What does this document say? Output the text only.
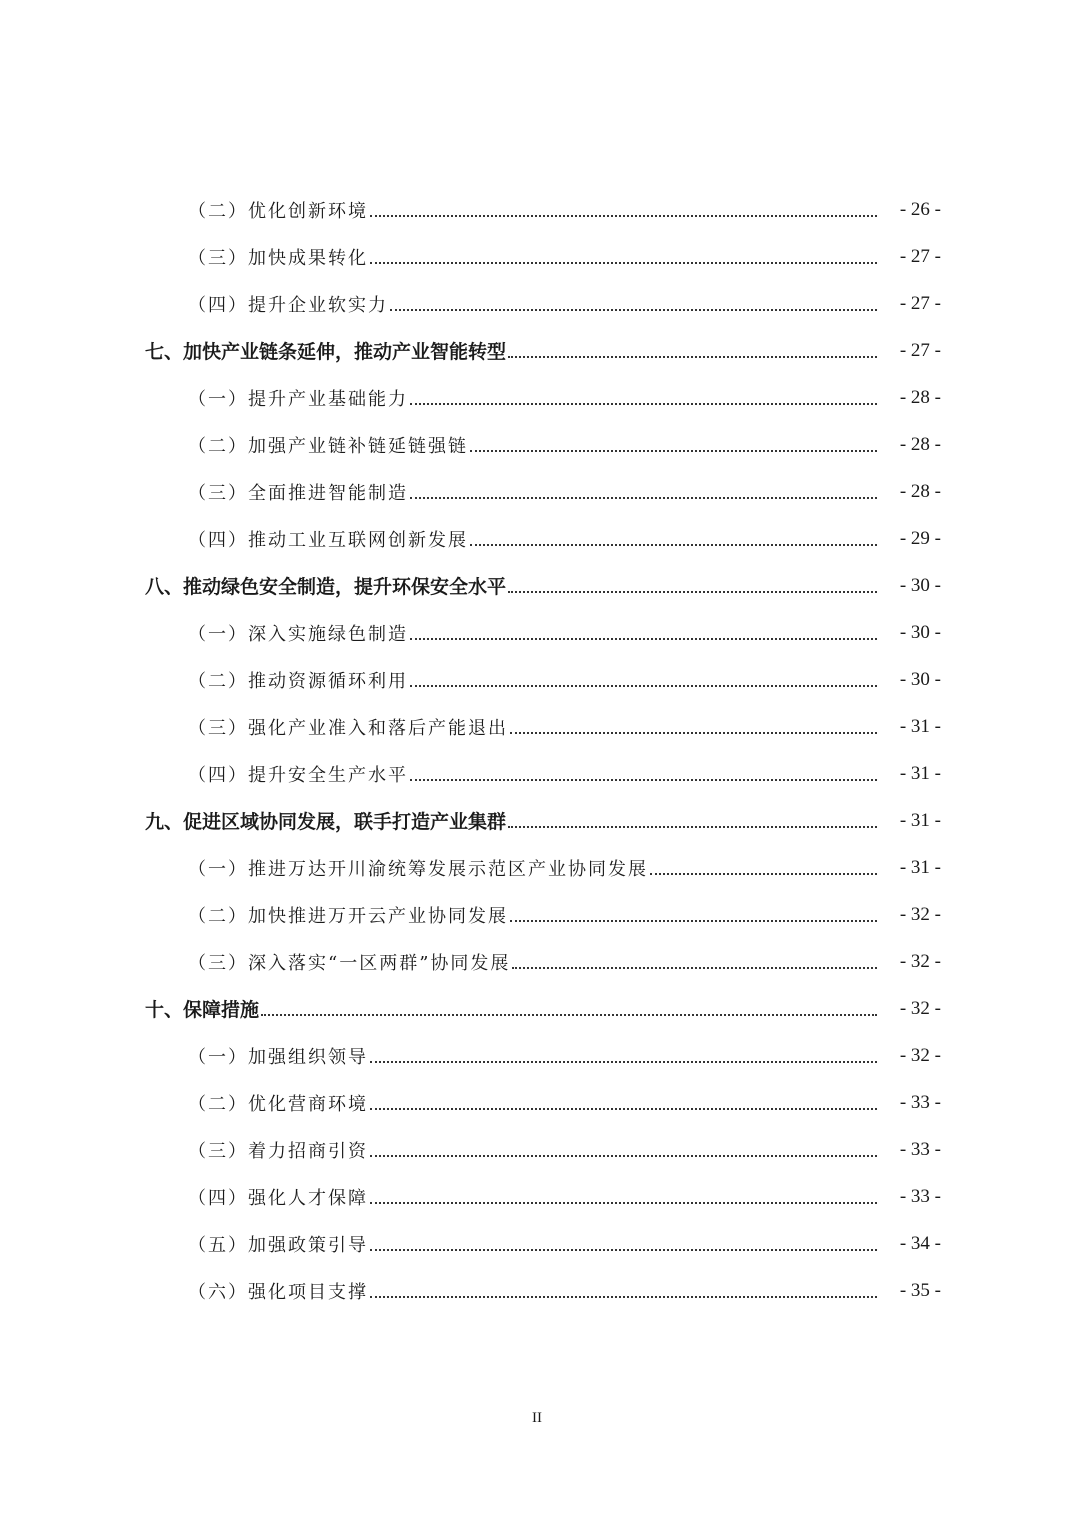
（二）优化创新环境	- 26 -
（三）加快成果转化	- 27 -
（四）提升企业软实力	- 27 -
七、加快产业链条延伸，推动产业智能转型	- 27 -
（一）提升产业基础能力	- 28 -
（二）加强产业链补链延链强链	- 28 -
（三）全面推进智能制造	- 28 -
（四）推动工业互联网创新发展	- 29 -
八、推动绿色安全制造，提升环保安全水平	- 30 -
（一）深入实施绿色制造	- 30 -
（二）推动资源循环利用	- 30 -
（三）强化产业准入和落后产能退出	- 31 -
（四）提升安全生产水平	- 31 -
九、促进区域协同发展，联手打造产业集群	- 31 -
（一）推进万达开川渝统筹发展示范区产业协同发展	- 31 -
（二）加快推进万开云产业协同发展	- 32 -
（三）深入落实“一区两群”协同发展	- 32 -
十、保障措施	- 32 -
（一）加强组织领导	- 32 -
（二）优化营商环境	- 33 -
（三）着力招商引资	- 33 -
（四）强化人才保障	- 33 -
（五）加强政策引导	- 34 -
（六）强化项目支撑	- 35 -
II
